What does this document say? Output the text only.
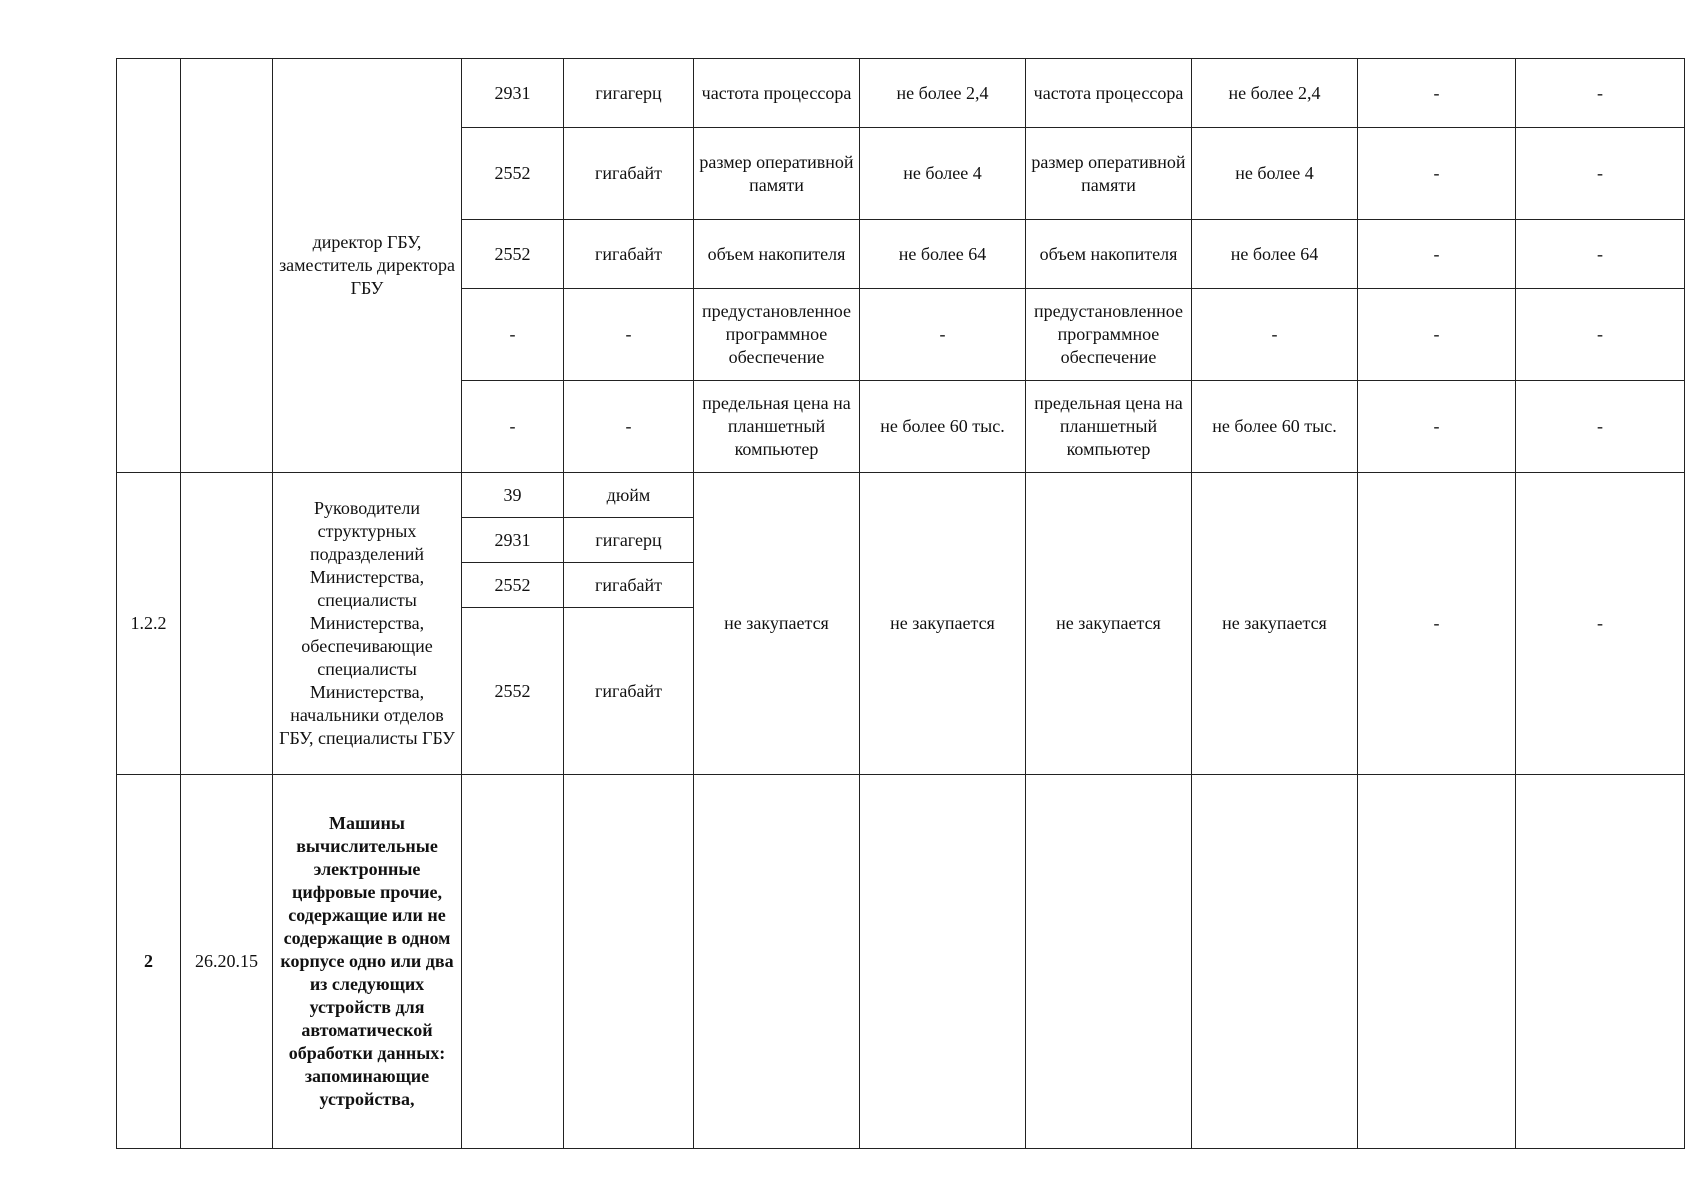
		директор ГБУ, заместитель директора ГБУ	2931	гигагерц	частота процессора	не более 2,4	частота процессора	не более 2,4	-	-
			2552	гигабайт	размер оперативной памяти	не более 4	размер оперативной памяти	не более 4	-	-
			2552	гигабайт	объем накопителя	не более 64	объем накопителя	не более 64	-	-
			-	-	предустановленное программное обеспечение	-	предустановленное программное обеспечение	-	-	-
			-	-	предельная цена на планшетный компьютер	не более 60 тыс.	предельная цена на планшетный компьютер	не более 60 тыс.	-	-
1.2.2		Руководители структурных подразделений Министерства, специалисты Министерства, обеспечивающие специалисты Министерства, начальники отделов ГБУ, специалисты ГБУ	39	дюйм	не закупается	не закупается	не закупается	не закупается	-	-
			2931	гигагерц						
			2552	гигабайт						
			2552	гигабайт						
2	26.20.15	Машины вычислительные электронные цифровые прочие, содержащие или не содержащие в одном корпусе одно или два из следующих устройств для автоматической обработки данных: запоминающие устройства,								
